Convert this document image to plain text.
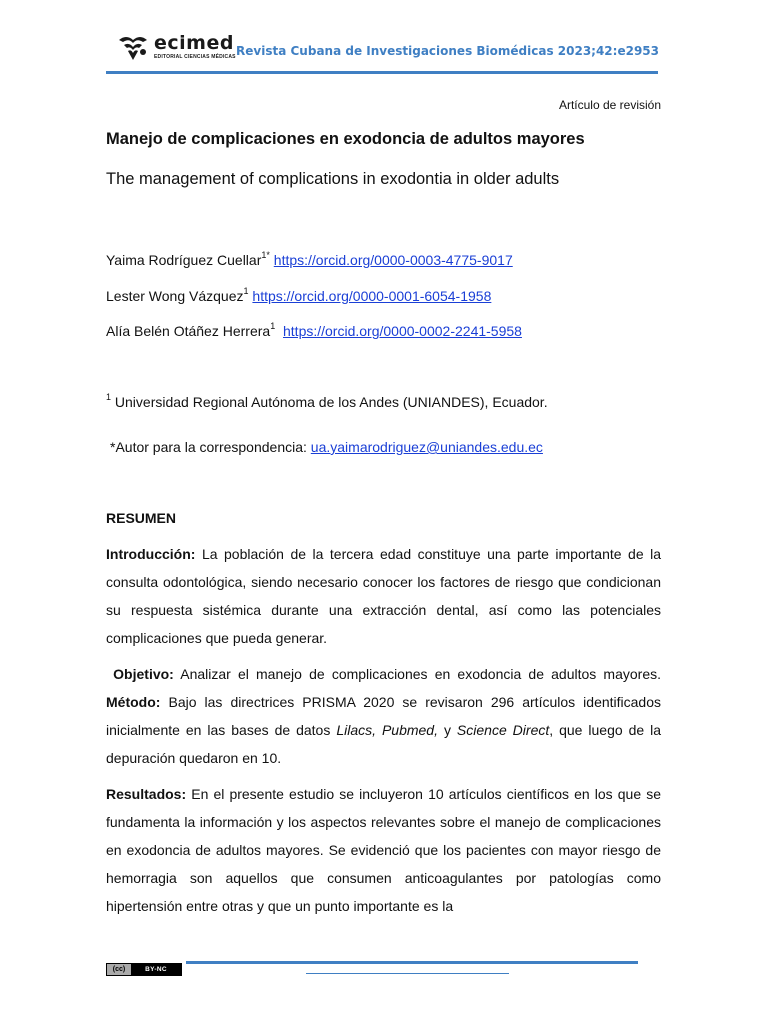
ecimed
EDITORIAL CIENCIAS MÉDICAS Revista Cubana de Investigaciones Biomédicas 2023;42:e2953
Artículo de revisión
Manejo de complicaciones en exodoncia de adultos mayores
The management of complications in exodontia in older adults
Yaima Rodríguez Cuellar$^{1*}$ https://orcid.org/0000-0003-4775-9017
Lester Wong Vázquez$^1$ https://orcid.org/0000-0001-6054-1958
Alía Belén Otáñez Herrera$^1$ https://orcid.org/0000-0002-2241-5958
$^1$ Universidad Regional Autónoma de los Andes (UNIANDES), Ecuador.
*Autor para la correspondencia: ua.yaimarodriguez@uniandes.edu.ec
RESUMEN

Introducción: La población de la tercera edad constituye una parte importante de la consulta odontológica, siendo necesario conocer los factores de riesgo que condicionan su respuesta sistémica durante una extracción dental, así como las potenciales complicaciones que pueda generar.

Objetivo: Analizar el manejo de complicaciones en exodoncia de adultos mayores. Método: Bajo las directrices PRISMA 2020 se revisaron 296 artículos identificados inicialmente en las bases de datos Lilacs, Pubmed, y Science Direct, que luego de la depuración quedaron en 10.

Resultados: En el presente estudio se incluyeron 10 artículos científicos en los que se fundamenta la información y los aspectos relevantes sobre el manejo de complicaciones en exodoncia de adultos mayores. Se evidenció que los pacientes con mayor riesgo de hemorragia son aquellos que consumen anticoagulantes por patologías como hipertensión entre otras y que un punto importante es la

(cc)	BY-NC
